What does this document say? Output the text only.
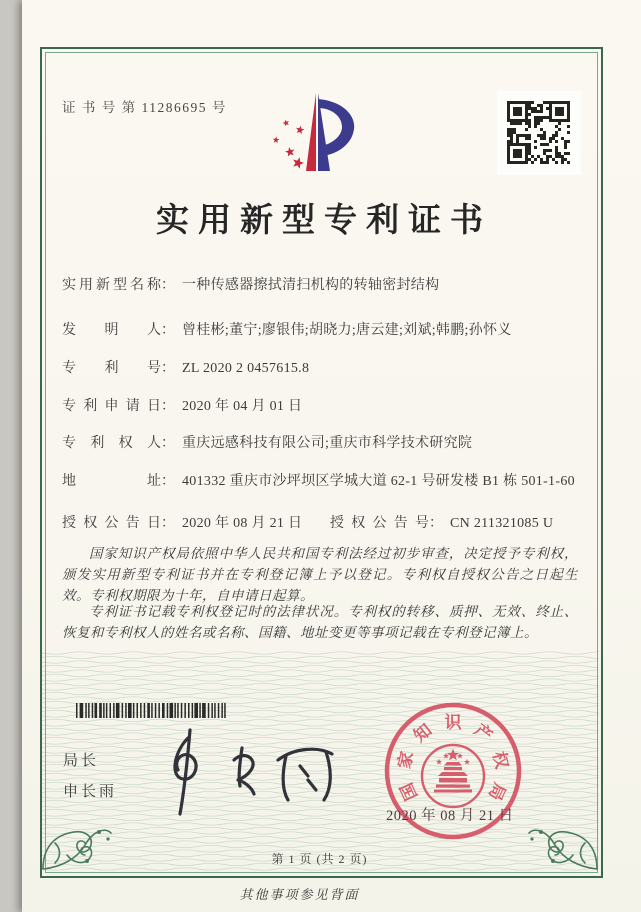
证 书 号 第 11286695 号
实用新型专利证书
实用新型名称： 一种传感器擦拭清扫机构的转轴密封结构
发明人： 曾桂彬;董宁;廖银伟;胡晓力;唐云建;刘斌;韩鹏;孙怀义
专利号： ZL 2020 2 0457615.8
专利申请日： 2020 年 04 月 01 日
专利权人： 重庆远感科技有限公司;重庆市科学技术研究院
地址： 401332 重庆市沙坪坝区学城大道 62-1 号研发楼 B1 栋 501-1-60
授权公告日： 2020 年 08 月 21 日 授权公告号： CN 211321085 U
国家知识产权局依照中华人民共和国专利法经过初步审查，决定授予专利权，颁发实用新型专利证书并在专利登记簿上予以登记。专利权自授权公告之日起生效。专利权期限为十年，自申请日起算。
专利证书记载专利权登记时的法律状况。专利权的转移、质押、无效、终止、恢复和专利权人的姓名或名称、国籍、地址变更等事项记载在专利登记簿上。
局长
申长雨	国
家
知 识 产
权
局
2020 年 08 月 21 日
第 1 页 (共 2 页)
其他事项参见背面
